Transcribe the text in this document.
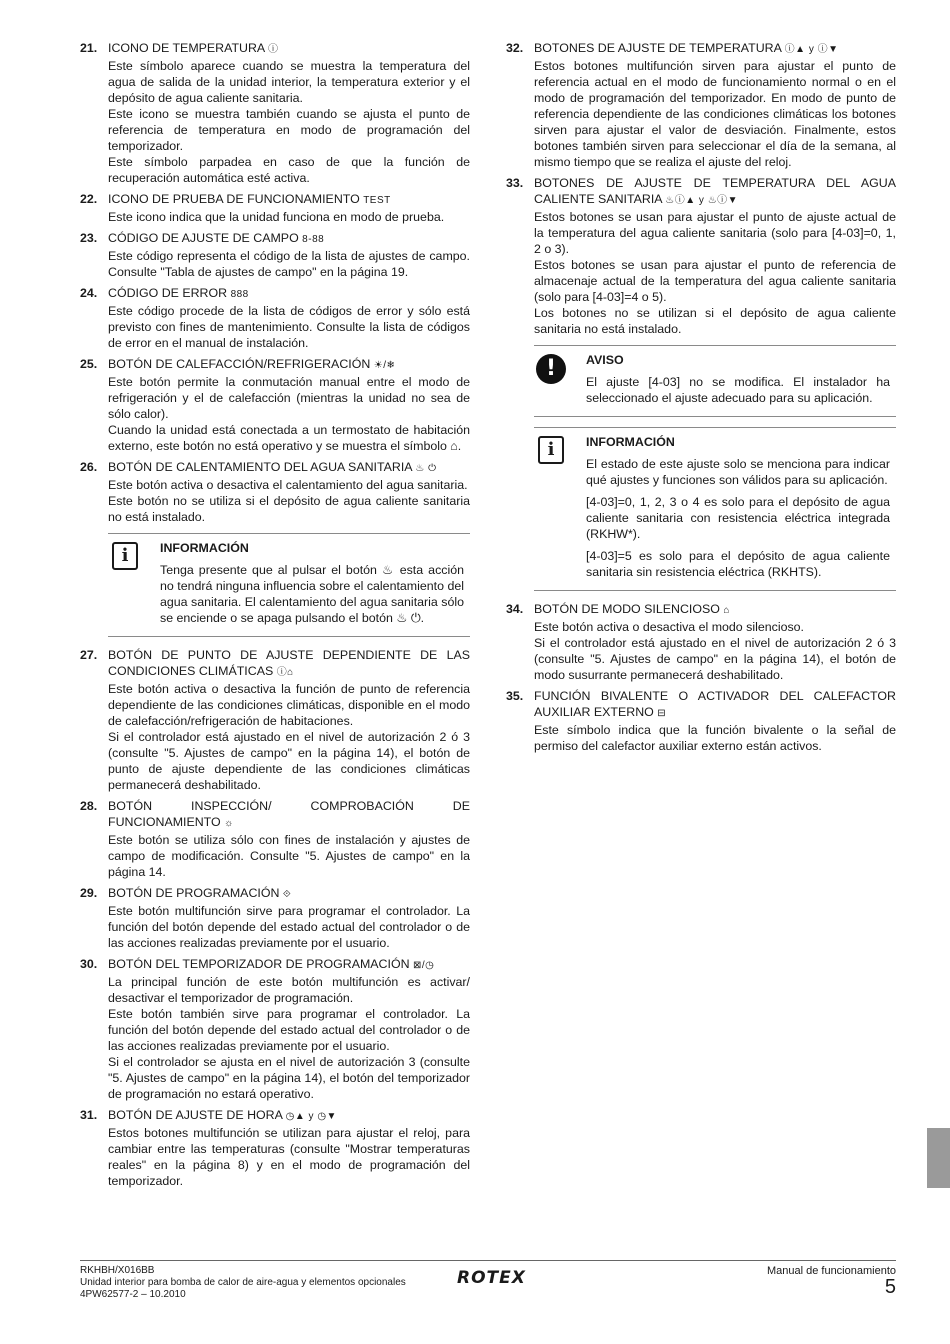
21. ICONO DE TEMPERATURA ⓘ
Este símbolo aparece cuando se muestra la temperatura del agua de salida de la unidad interior, la temperatura exterior y el depósito de agua caliente sanitaria.
Este icono se muestra también cuando se ajusta el punto de referencia de temperatura en modo de programación del temporizador.
Este símbolo parpadea en caso de que la función de recuperación automática esté activa.
22. ICONO DE PRUEBA DE FUNCIONAMIENTO TEST
Este icono indica que la unidad funciona en modo de prueba.
23. CÓDIGO DE AJUSTE DE CAMPO 8-88
Este código representa el código de la lista de ajustes de campo. Consulte "Tabla de ajustes de campo" en la página 19.
24. CÓDIGO DE ERROR 888
Este código procede de la lista de códigos de error y sólo está previsto con fines de mantenimiento. Consulte la lista de códigos de error en el manual de instalación.
25. BOTÓN DE CALEFACCIÓN/REFRIGERACIÓN ☀/❄
Este botón permite la conmutación manual entre el modo de refrigeración y el de calefacción (mientras la unidad no sea de sólo calor).
Cuando la unidad está conectada a un termostato de habitación externo, este botón no está operativo y se muestra el símbolo ⌂.
26. BOTÓN DE CALENTAMIENTO DEL AGUA SANITARIA ♨ ⏻
Este botón activa o desactiva el calentamiento del agua sanitaria.
Este botón no se utiliza si el depósito de agua caliente sanitaria no está instalado.
i	INFORMACIÓN
Tenga presente que al pulsar el botón ♨ esta acción no tendrá ninguna influencia sobre el calentamiento del agua sanitaria. El calentamiento del agua sanitaria sólo se enciende o se apaga pulsando el botón ♨ ⏻.
27. BOTÓN DE PUNTO DE AJUSTE DEPENDIENTE DE LAS CONDICIONES CLIMÁTICAS ⓘ⌂
Este botón activa o desactiva la función de punto de referencia dependiente de las condiciones climáticas, disponible en el modo de calefacción/refrigeración de habitaciones.
Si el controlador está ajustado en el nivel de autorización 2 ó 3 (consulte "5. Ajustes de campo" en la página 14), el botón de punto de ajuste dependiente de las condiciones climáticas permanecerá deshabilitado.
28. BOTÓN INSPECCIÓN/ COMPROBACIÓN DE FUNCIONAMIENTO ☼
Este botón se utiliza sólo con fines de instalación y ajustes de campo de modificación. Consulte "5. Ajustes de campo" en la página 14.
29. BOTÓN DE PROGRAMACIÓN ⟐
Este botón multifunción sirve para programar el controlador. La función del botón depende del estado actual del controlador o de las acciones realizadas previamente por el usuario.
30. BOTÓN DEL TEMPORIZADOR DE PROGRAMACIÓN ⊠/◷
La principal función de este botón multifunción es activar/ desactivar el temporizador de programación.
Este botón también sirve para programar el controlador. La función del botón depende del estado actual del controlador o de las acciones realizadas previamente por el usuario.
Si el controlador se ajusta en el nivel de autorización 3 (consulte "5. Ajustes de campo" en la página 14), el botón del temporizador de programación no estará operativo.
31. BOTÓN DE AJUSTE DE HORA ◷▲ y ◷▼
Estos botones multifunción se utilizan para ajustar el reloj, para cambiar entre las temperaturas (consulte "Mostrar temperaturas reales" en la página 8) y en el modo de programación del temporizador.
32. BOTONES DE AJUSTE DE TEMPERATURA ⓘ▲ y ⓘ▼
Estos botones multifunción sirven para ajustar el punto de referencia actual en el modo de funcionamiento normal o en el modo de programación del temporizador. En modo de punto de referencia dependiente de las condiciones climáticas los botones sirven para ajustar el valor de desviación. Finalmente, estos botones también sirven para seleccionar el día de la semana, al mismo tiempo que se realiza el ajuste del reloj.
33. BOTONES DE AJUSTE DE TEMPERATURA DEL AGUA CALIENTE SANITARIA ♨ⓘ▲ y ♨ⓘ▼
Estos botones se usan para ajustar el punto de ajuste actual de la temperatura del agua caliente sanitaria (solo para [4-03]=0, 1, 2 o 3).
Estos botones se usan para ajustar el punto de referencia de almacenaje actual de la temperatura del agua caliente sanitaria (solo para [4-03]=4 o 5).
Los botones no se utilizan si el depósito de agua caliente sanitaria no está instalado.
!	AVISO
El ajuste [4-03] no se modifica. El instalador ha seleccionado el ajuste adecuado para su aplicación.
i	INFORMACIÓN
El estado de este ajuste solo se menciona para indicar qué ajustes y funciones son válidos para su aplicación.
[4-03]=0, 1, 2, 3 o 4 es solo para el depósito de agua caliente sanitaria con resistencia eléctrica integrada (RKHW*).
[4-03]=5 es solo para el depósito de agua caliente sanitaria sin resistencia eléctrica (RKHTS).
34. BOTÓN DE MODO SILENCIOSO ⌂
Este botón activa o desactiva el modo silencioso.
Si el controlador está ajustado en el nivel de autorización 2 ó 3 (consulte "5. Ajustes de campo" en la página 14), el botón de modo susurrante permanecerá deshabilitado.
35. FUNCIÓN BIVALENTE O ACTIVADOR DEL CALEFACTOR AUXILIAR EXTERNO ⊟
Este símbolo indica que la función bivalente o la señal de permiso del calefactor auxiliar externo están activos.
RKHBH/X016BB
Unidad interior para bomba de calor de aire-agua y elementos opcionales
4PW62577-2 – 10.2010
ROTEX	Manual de funcionamiento
5
